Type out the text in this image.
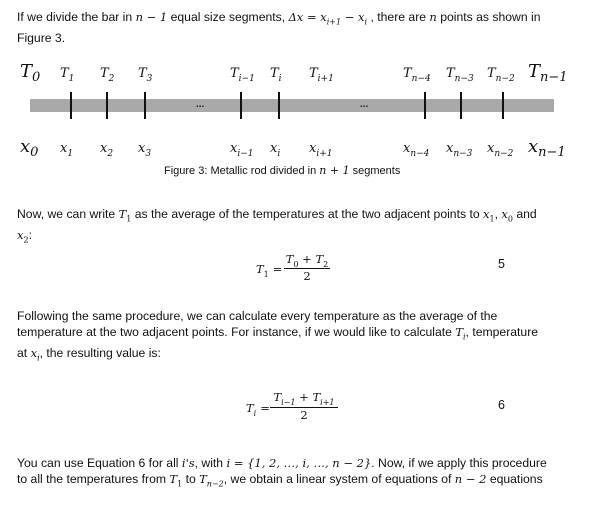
If we divide the bar in n − 1 equal size segments, $\Delta x = x_{i+1} - x_i$ , there are n points as shown in
Figure 3.
$T_0$ $T_1$ $T_2$ $T_3$	$T_{i-1}$ $T_i$ $T_{i+1}$	$T_{n-4}$ $T_{n-3}$ $T_{n-2}$ $T_{n-1}$
...	...
$x_0$ $x_1$ $x_2$ $x_3$	$x_{i-1}$ $x_i$ $x_{i+1}$	$x_{n-4}$ $x_{n-3}$ $x_{n-2}$ $x_{n-1}$
Figure 3: Metallic rod divided in n + 1 segments
Now, we can write $T_1$ as the average of the temperatures at the two adjacent points to $x_1$, $x_0$ and
$x_2$:
$T_1$ =
$T_0 + T_2$
2
5
Following the same procedure, we can calculate every temperature as the average of the
temperature at the two adjacent points. For instance, if we would like to calculate $T_i$, temperature
at $x_i$, the resulting value is:
$T_i$ =
$T_{i-1} + T_{i+1}$
2
6
You can use Equation 6 for all i's, with i = {1, 2, …, i, …, n − 2}. Now, if we apply this procedure
to all the temperatures from $T_1$ to $T_{n-2}$, we obtain a linear system of equations of n − 2 equations
